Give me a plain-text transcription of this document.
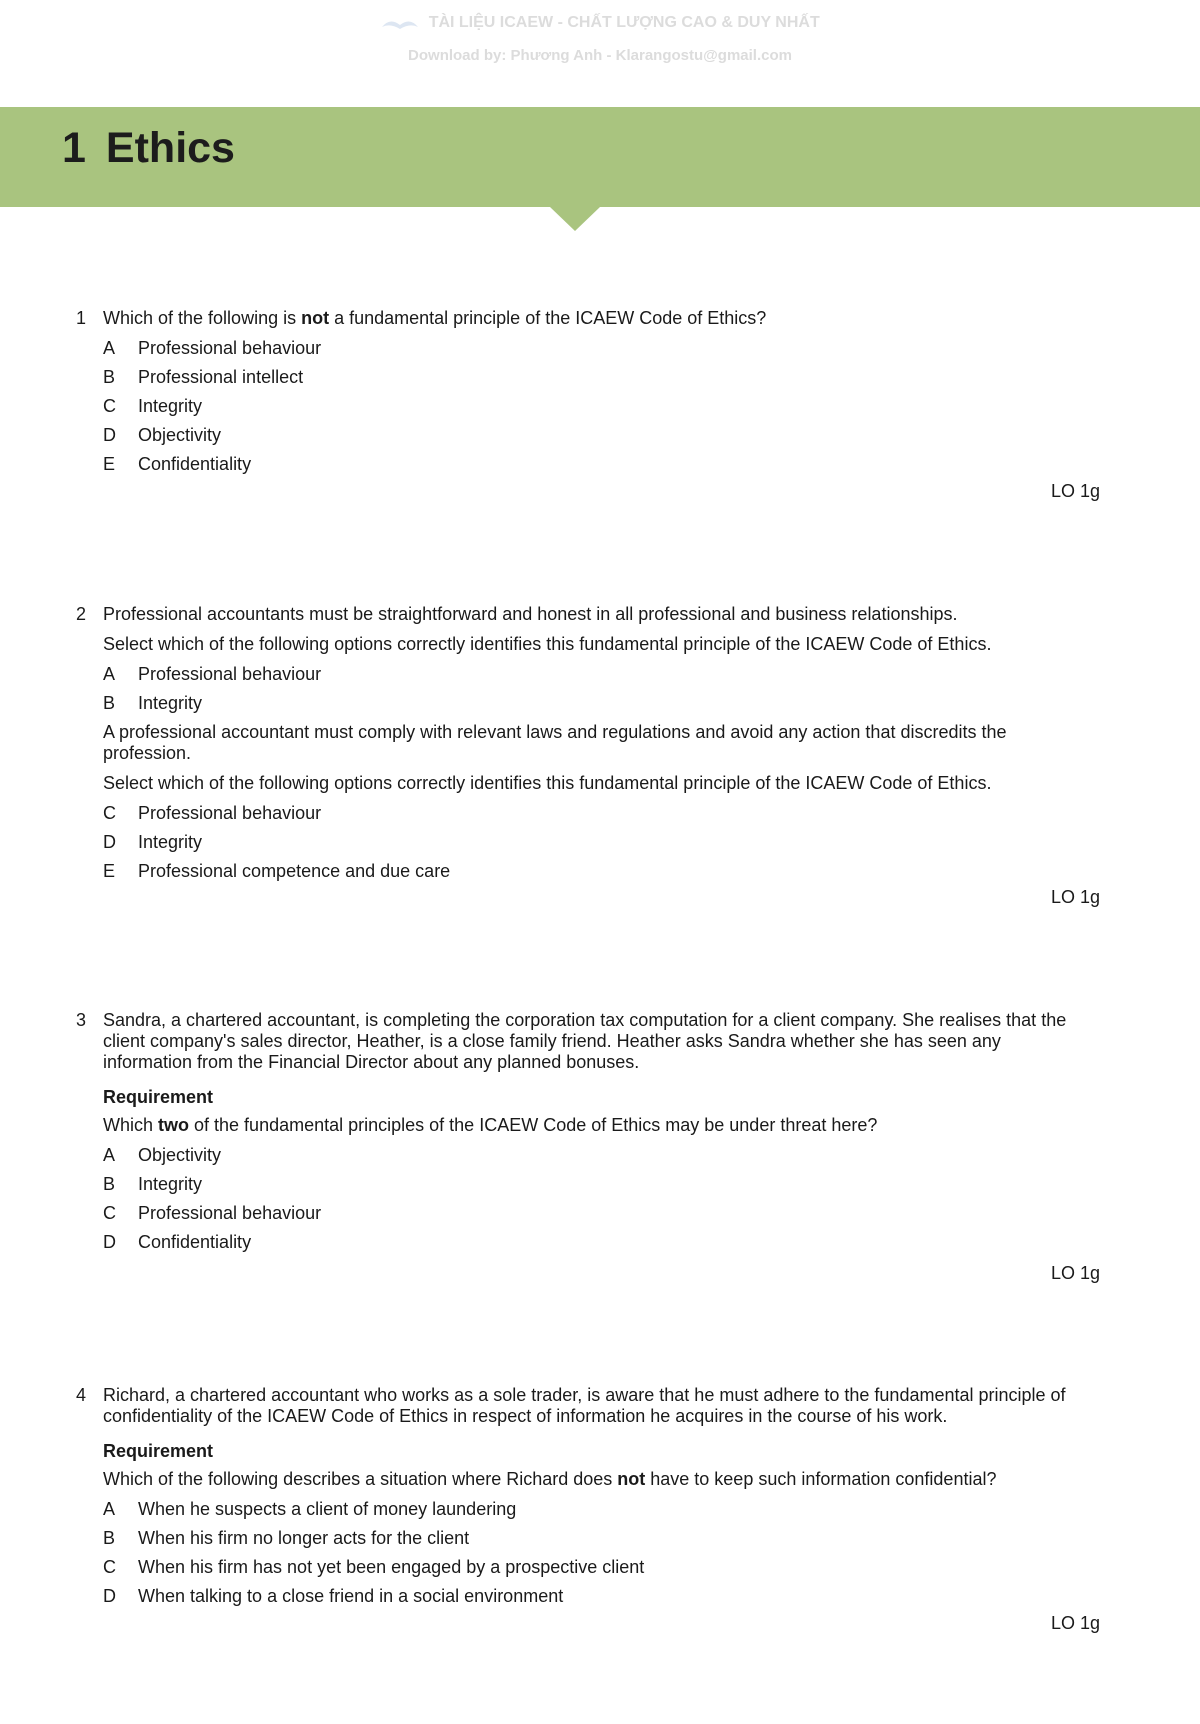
TÀI LIỆU ICAEW - CHẤT LƯỢNG CAO & DUY NHẤT
Download by: Phương Anh - Klarangostu@gmail.com
1 Ethics
1 Which of the following is not a fundamental principle of the ICAEW Code of Ethics?

A	Professional behaviour
B	Professional intellect
C	Integrity
D	Objectivity
E	Confidentiality
LO 1g
2 Professional accountants must be straightforward and honest in all professional and business relationships.

Select which of the following options correctly identifies this fundamental principle of the ICAEW Code of Ethics.

A	Professional behaviour
B	Integrity

A professional accountant must comply with relevant laws and regulations and avoid any action that discredits the profession.

Select which of the following options correctly identifies this fundamental principle of the ICAEW Code of Ethics.

C	Professional behaviour
D	Integrity
E	Professional competence and due care
LO 1g
3 Sandra, a chartered accountant, is completing the corporation tax computation for a client company. She realises that the client company's sales director, Heather, is a close family friend. Heather asks Sandra whether she has seen any information from the Financial Director about any planned bonuses.

Requirement

Which two of the fundamental principles of the ICAEW Code of Ethics may be under threat here?

A	Objectivity
B	Integrity
C	Professional behaviour
D	Confidentiality
LO 1g
4 Richard, a chartered accountant who works as a sole trader, is aware that he must adhere to the fundamental principle of confidentiality of the ICAEW Code of Ethics in respect of information he acquires in the course of his work.

Requirement

Which of the following describes a situation where Richard does not have to keep such information confidential?

A	When he suspects a client of money laundering
B	When his firm no longer acts for the client
C	When his firm has not yet been engaged by a prospective client
D	When talking to a close friend in a social environment
LO 1g
